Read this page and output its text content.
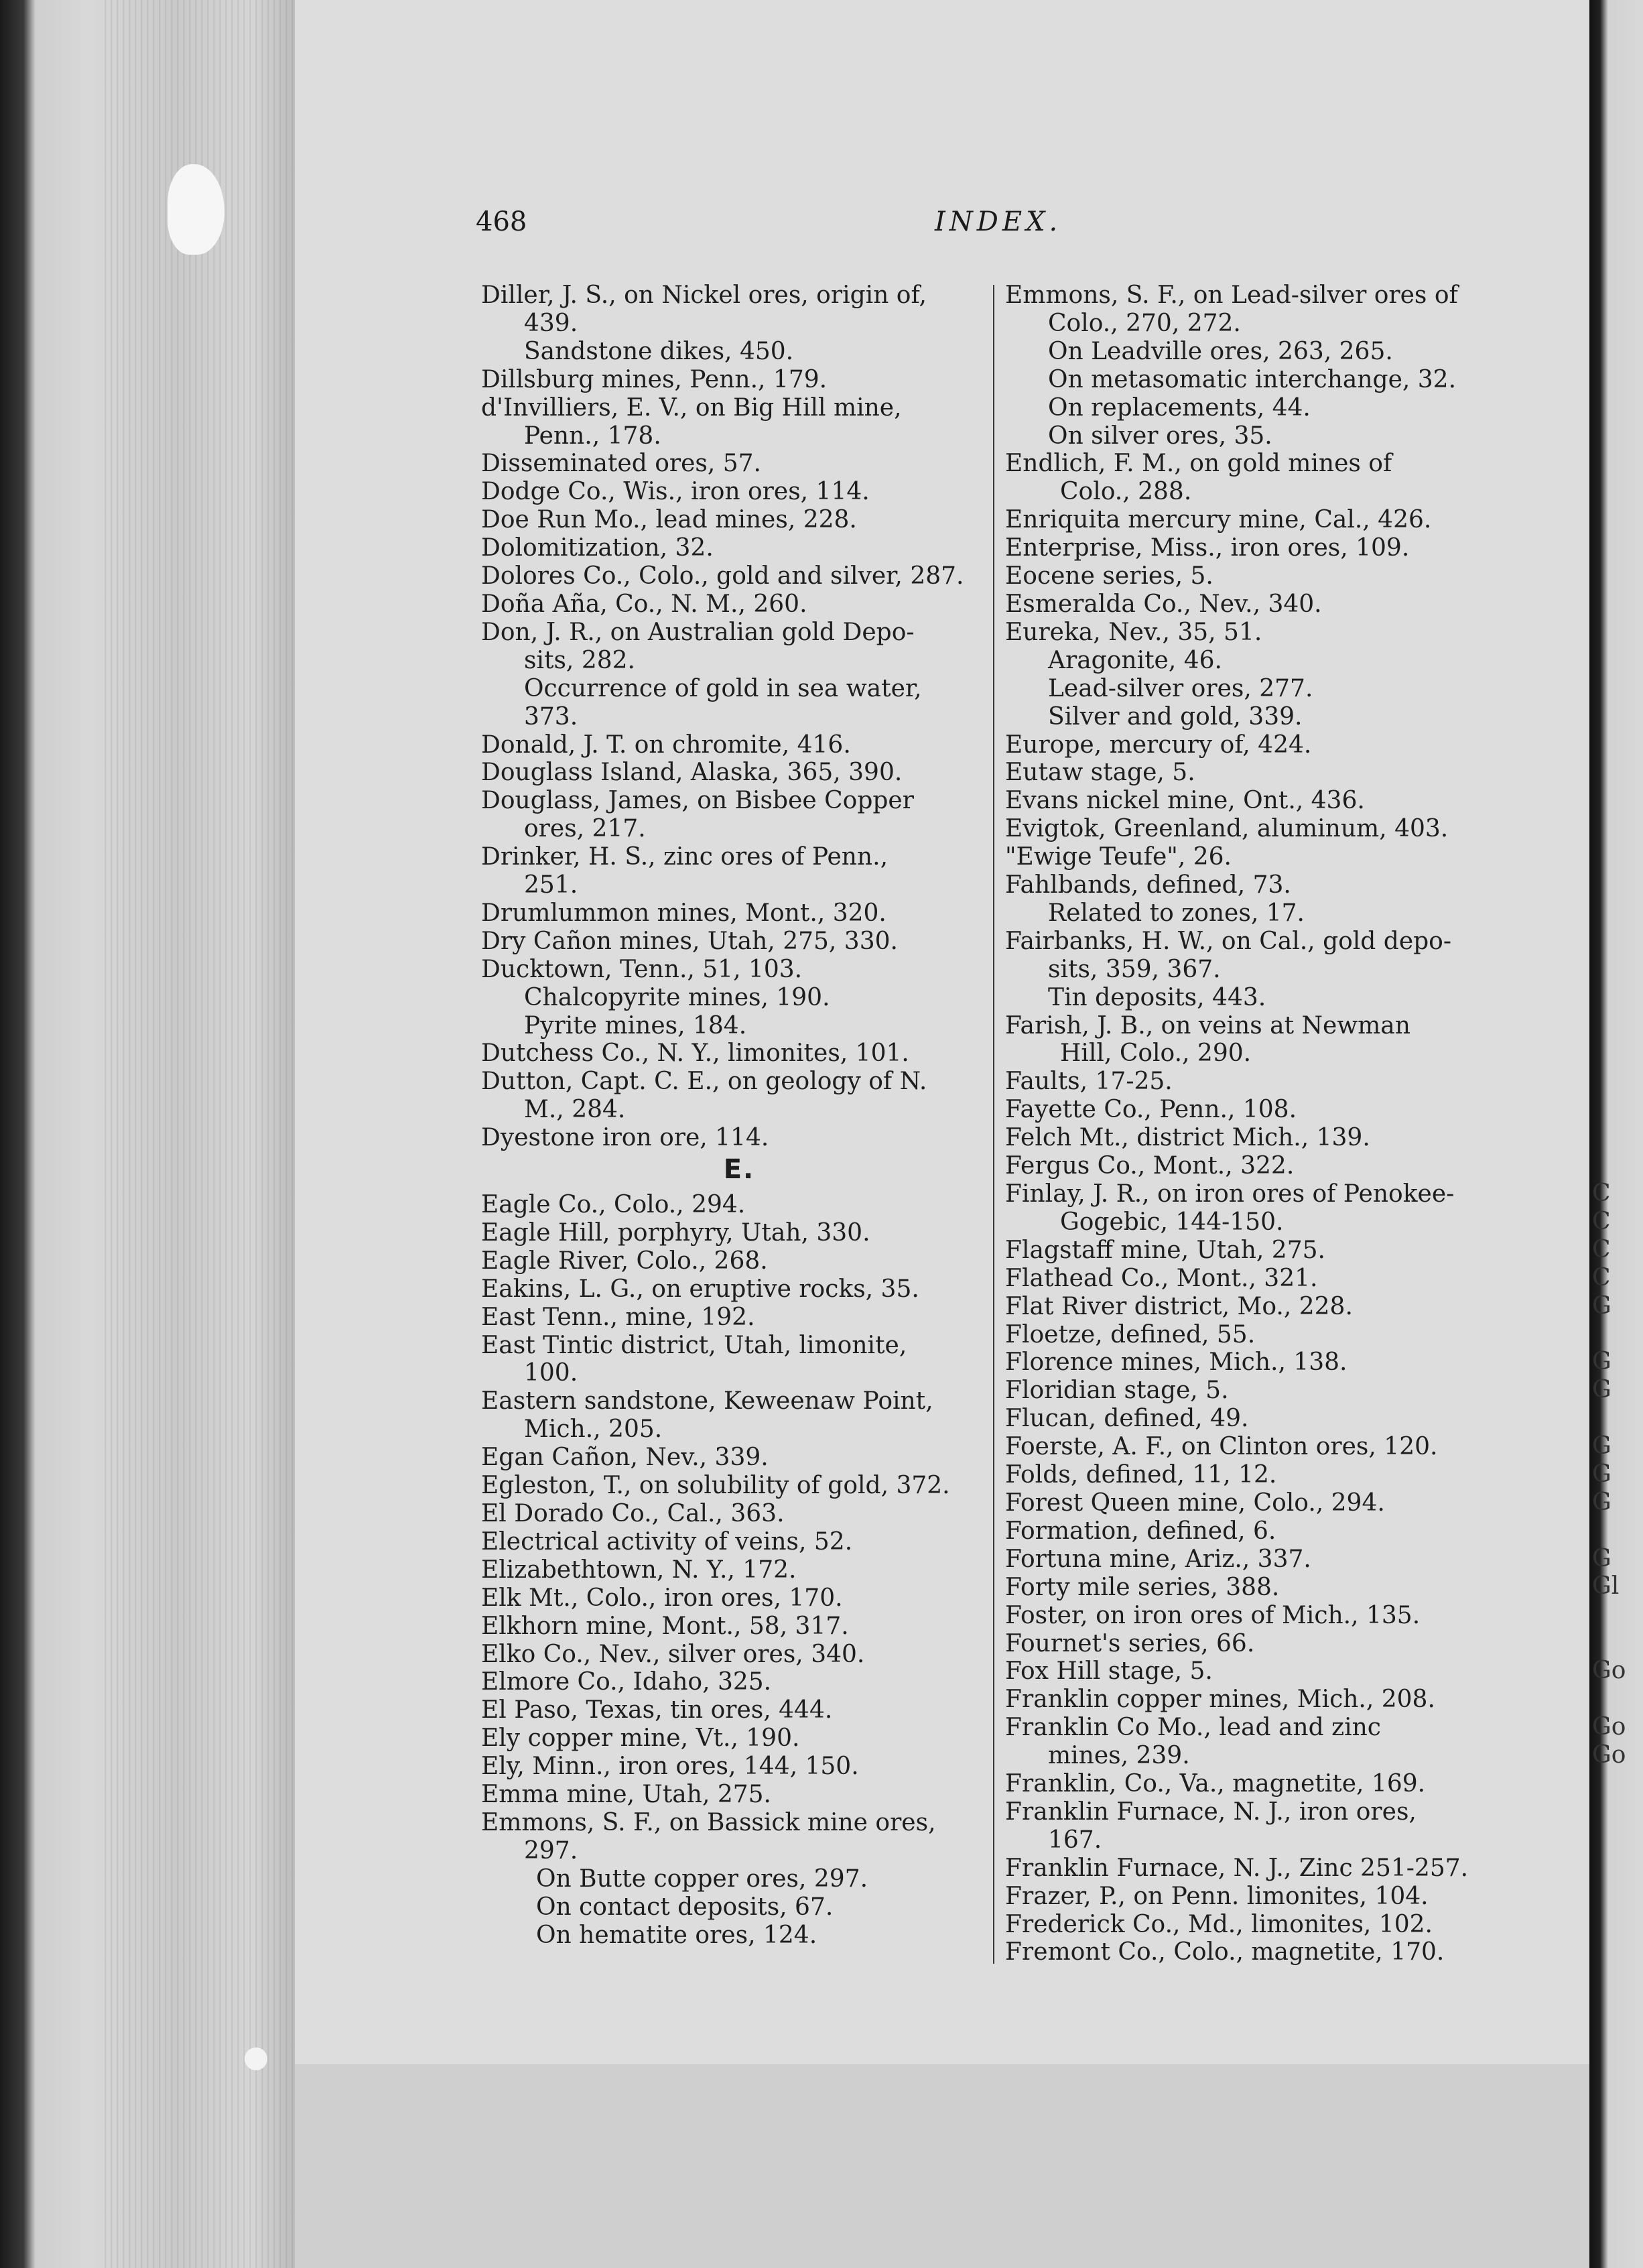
468	INDEX.
Diller, J. S., on Nickel ores, origin of,
439.
Sandstone dikes, 450.
Dillsburg mines, Penn., 179.
d'Invilliers, E. V., on Big Hill mine,
Penn., 178.
Disseminated ores, 57.
Dodge Co., Wis., iron ores, 114.
Doe Run Mo., lead mines, 228.
Dolomitization, 32.
Dolores Co., Colo., gold and silver, 287.
Doña Aña, Co., N. M., 260.
Don, J. R., on Australian gold Depo-
sits, 282.
Occurrence of gold in sea water,
373.
Donald, J. T. on chromite, 416.
Douglass Island, Alaska, 365, 390.
Douglass, James, on Bisbee Copper
ores, 217.
Drinker, H. S., zinc ores of Penn.,
251.
Drumlummon mines, Mont., 320.
Dry Cañon mines, Utah, 275, 330.
Ducktown, Tenn., 51, 103.
Chalcopyrite mines, 190.
Pyrite mines, 184.
Dutchess Co., N. Y., limonites, 101.
Dutton, Capt. C. E., on geology of N.
M., 284.
Dyestone iron ore, 114.
E.
Eagle Co., Colo., 294.
Eagle Hill, porphyry, Utah, 330.
Eagle River, Colo., 268.
Eakins, L. G., on eruptive rocks, 35.
East Tenn., mine, 192.
East Tintic district, Utah, limonite,
100.
Eastern sandstone, Keweenaw Point,
Mich., 205.
Egan Cañon, Nev., 339.
Egleston, T., on solubility of gold, 372.
El Dorado Co., Cal., 363.
Electrical activity of veins, 52.
Elizabethtown, N. Y., 172.
Elk Mt., Colo., iron ores, 170.
Elkhorn mine, Mont., 58, 317.
Elko Co., Nev., silver ores, 340.
Elmore Co., Idaho, 325.
El Paso, Texas, tin ores, 444.
Ely copper mine, Vt., 190.
Ely, Minn., iron ores, 144, 150.
Emma mine, Utah, 275.
Emmons, S. F., on Bassick mine ores,
297.
On Butte copper ores, 297.
On contact deposits, 67.
On hematite ores, 124.
Emmons, S. F., on Lead-silver ores of
Colo., 270, 272.
On Leadville ores, 263, 265.
On metasomatic interchange, 32.
On replacements, 44.
On silver ores, 35.
Endlich, F. M., on gold mines of
Colo., 288.
Enriquita mercury mine, Cal., 426.
Enterprise, Miss., iron ores, 109.
Eocene series, 5.
Esmeralda Co., Nev., 340.
Eureka, Nev., 35, 51.
Aragonite, 46.
Lead-silver ores, 277.
Silver and gold, 339.
Europe, mercury of, 424.
Eutaw stage, 5.
Evans nickel mine, Ont., 436.
Evigtok, Greenland, aluminum, 403.
"Ewige Teufe", 26.
Fahlbands, defined, 73.
Related to zones, 17.
Fairbanks, H. W., on Cal., gold depo-
sits, 359, 367.
Tin deposits, 443.
Farish, J. B., on veins at Newman
Hill, Colo., 290.
Faults, 17-25.
Fayette Co., Penn., 108.
Felch Mt., district Mich., 139.
Fergus Co., Mont., 322.
Finlay, J. R., on iron ores of Penokee-
Gogebic, 144-150.
Flagstaff mine, Utah, 275.
Flathead Co., Mont., 321.
Flat River district, Mo., 228.
Floetze, defined, 55.
Florence mines, Mich., 138.
Floridian stage, 5.
Flucan, defined, 49.
Foerste, A. F., on Clinton ores, 120.
Folds, defined, 11, 12.
Forest Queen mine, Colo., 294.
Formation, defined, 6.
Fortuna mine, Ariz., 337.
Forty mile series, 388.
Foster, on iron ores of Mich., 135.
Fournet's series, 66.
Fox Hill stage, 5.
Franklin copper mines, Mich., 208.
Franklin Co Mo., lead and zinc
mines, 239.
Franklin, Co., Va., magnetite, 169.
Franklin Furnace, N. J., iron ores,
167.
Franklin Furnace, N. J., Zinc 251-257.
Frazer, P., on Penn. limonites, 104.
Frederick Co., Md., limonites, 102.
Fremont Co., Colo., magnetite, 170.
C
C
C
C
G
G
G
G
G
G
G
Gl
Go
Go
Go
